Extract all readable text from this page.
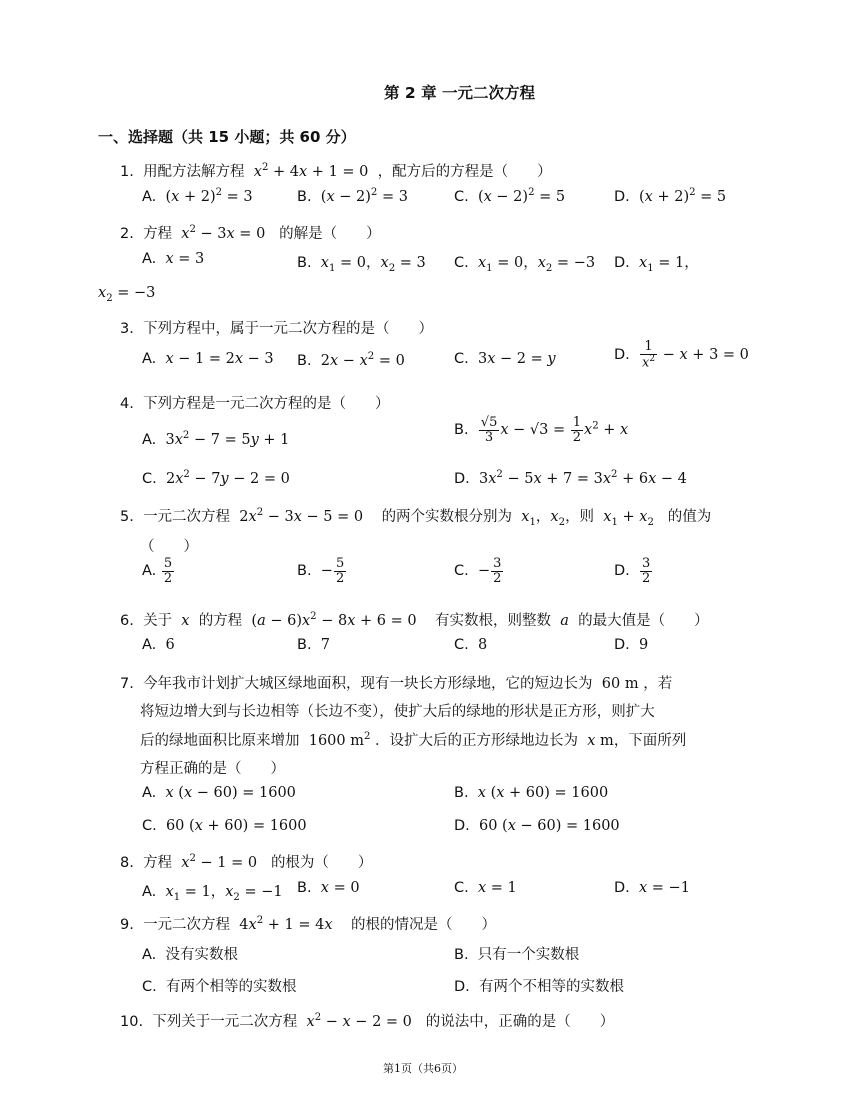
第 2 章 一元二次方程
一、选择题（共 15 小题；共 60 分）
1. 用配方法解方程 $x^2 + 4x + 1 = 0$ ，配方后的方程是（　　）
A. $(x + 2)^2 = 3$	B. $(x - 2)^2 = 3$	C. $(x - 2)^2 = 5$	D. $(x + 2)^2 = 5$
2. 方程 $x^2 - 3x = 0$ 的解是（　　）
A. x = 3	B. $x_1 = 0$，$x_2 = 3$ C. $x_1 = 0$，$x_2 = -3$ D. $x_1 = 1$，
$x_2 = -3$
3. 下列方程中，属于一元二次方程的是（　　）
A. x − 1 = 2x − 3 B. $2x - x^2 = 0$	C. 3x − 2 = y	D. $\frac{1}{x^2} - x + 3 = 0$
4. 下列方程是一元二次方程的是（　　）
A. $3x^2 - 7 = 5y + 1$
B. $\frac{√5}{3}$ $x - √3 = \frac{1}{2} x^2 + x$
C. $2x^2 - 7y - 2 = 0$	D. $3x^2 - 5x + 7 = 3x^2 + 6x - 4$
5. 一元二次方程 $2x^2 - 3x - 5 = 0$ 的两个实数根分别为 $x_1$，$x_2$，则 $x_1 + x_2$ 的值为
（　　）
A. $\frac{5}{2}$	B. − $\frac{5}{2}$	C. − $\frac{3}{2}$	D. $\frac{3}{2}$
6. 关于 x 的方程 $(a - 6)x^2 - 8x + 6 = 0$ 有实数根，则整数 a 的最大值是（　　）
A. 6	B. 7	C. 8	D. 9
7. 今年我市计划扩大城区绿地面积，现有一块长方形绿地，它的短边长为 60 m ，若
将短边增大到与长边相等（长边不变），使扩大后的绿地的形状是正方形，则扩大
后的绿地面积比原来增加 1600 $m^2$ ．设扩大后的正方形绿地边长为 x m，下面所列
方程正确的是（　　）
A. x (x − 60) = 1600	B. x (x + 60) = 1600
C. 60 (x + 60) = 1600	D. 60 (x − 60) = 1600
8. 方程 $x^2 - 1 = 0$ 的根为（　　）
A. $x_1 = 1$，$x_2 = -1$ B. x = 0	C. x = 1	D. x = −1
9. 一元二次方程 $4x^2 + 1 = 4x$ 的根的情况是（　　）
A. 没有实数根	B. 只有一个实数根
C. 有两个相等的实数根	D. 有两个不相等的实数根
10. 下列关于一元二次方程 $x^2 - x - 2 = 0$ 的说法中，正确的是（　　）
第1页（共6页）
